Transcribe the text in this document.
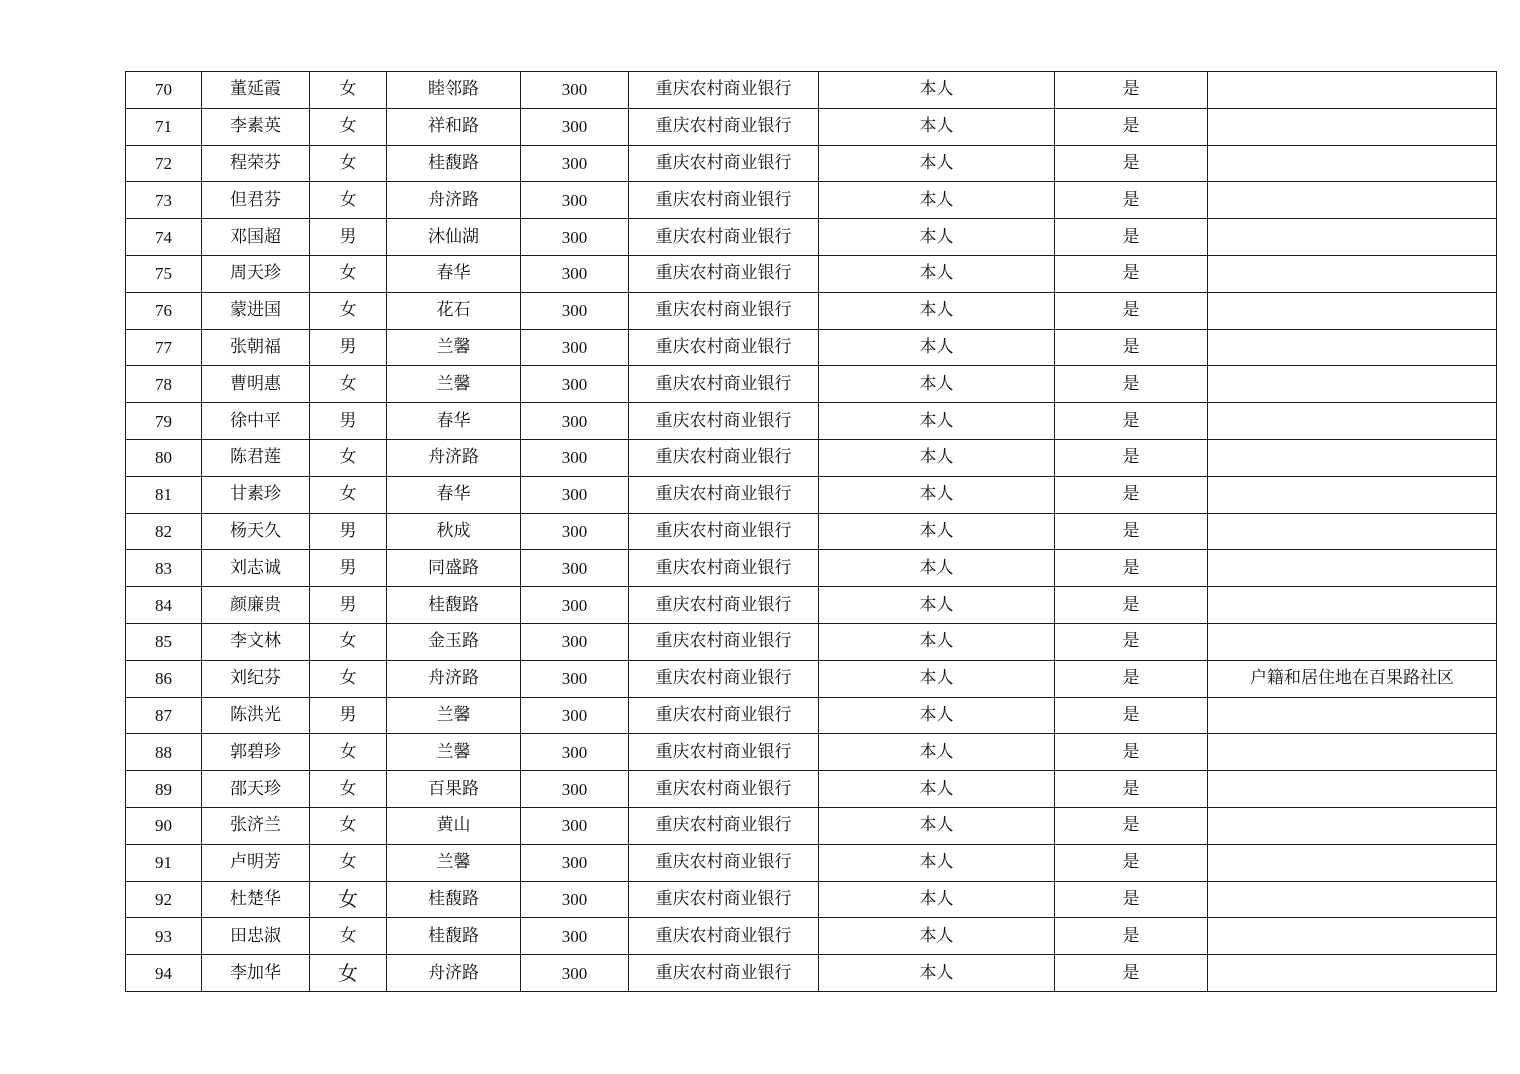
70	董延霞	女	睦邻路	300	重庆农村商业银行	本人	是	
71	李素英	女	祥和路	300	重庆农村商业银行	本人	是	
72	程荣芬	女	桂馥路	300	重庆农村商业银行	本人	是	
73	但君芬	女	舟济路	300	重庆农村商业银行	本人	是	
74	邓国超	男	沐仙湖	300	重庆农村商业银行	本人	是	
75	周天珍	女	春华	300	重庆农村商业银行	本人	是	
76	蒙进国	女	花石	300	重庆农村商业银行	本人	是	
77	张朝福	男	兰馨	300	重庆农村商业银行	本人	是	
78	曹明惠	女	兰馨	300	重庆农村商业银行	本人	是	
79	徐中平	男	春华	300	重庆农村商业银行	本人	是	
80	陈君莲	女	舟济路	300	重庆农村商业银行	本人	是	
81	甘素珍	女	春华	300	重庆农村商业银行	本人	是	
82	杨天久	男	秋成	300	重庆农村商业银行	本人	是	
83	刘志诚	男	同盛路	300	重庆农村商业银行	本人	是	
84	颜廉贵	男	桂馥路	300	重庆农村商业银行	本人	是	
85	李文林	女	金玉路	300	重庆农村商业银行	本人	是	
86	刘纪芬	女	舟济路	300	重庆农村商业银行	本人	是	户籍和居住地在百果路社区
87	陈洪光	男	兰馨	300	重庆农村商业银行	本人	是	
88	郭碧珍	女	兰馨	300	重庆农村商业银行	本人	是	
89	邵天珍	女	百果路	300	重庆农村商业银行	本人	是	
90	张济兰	女	黄山	300	重庆农村商业银行	本人	是	
91	卢明芳	女	兰馨	300	重庆农村商业银行	本人	是	
92	杜楚华	女	桂馥路	300	重庆农村商业银行	本人	是	
93	田忠淑	女	桂馥路	300	重庆农村商业银行	本人	是	
94	李加华	女	舟济路	300	重庆农村商业银行	本人	是	
